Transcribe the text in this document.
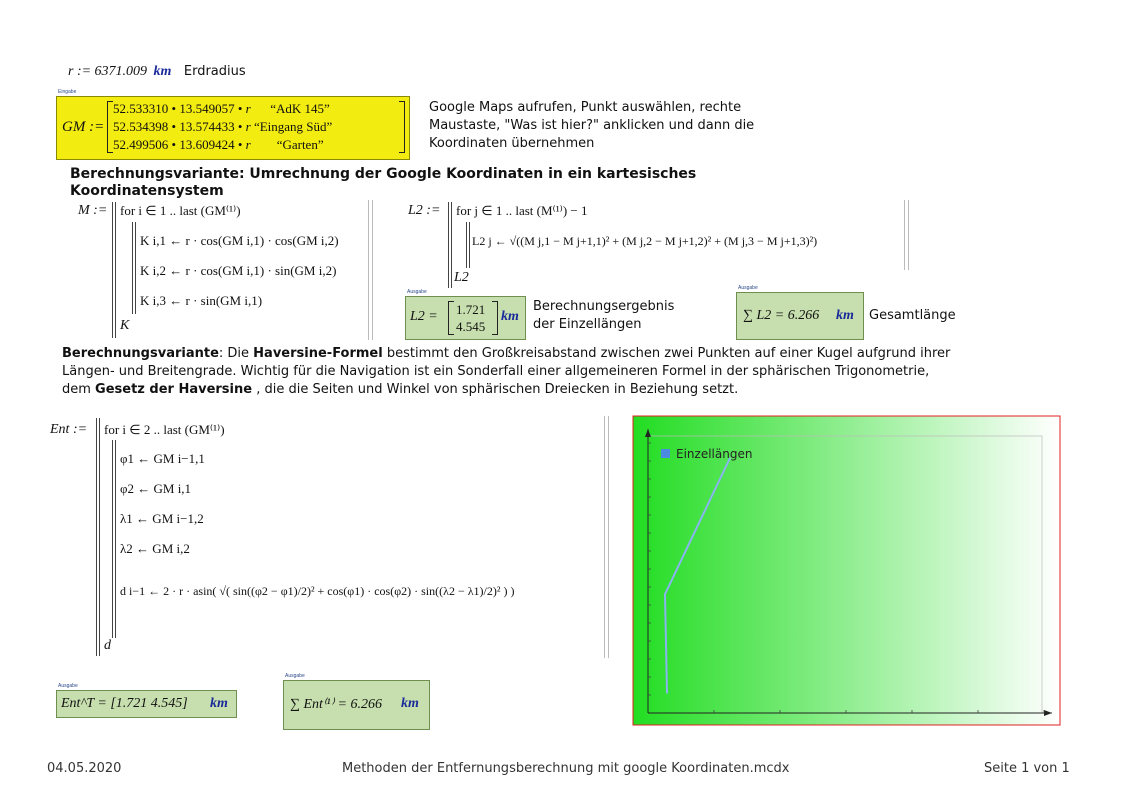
r := 6371.009 km Erdradius
Eingabe
GM :=
52.533310 • 13.549057 • r “AdK 145”
52.534398 • 13.574433 • r “Eingang Süd”
52.499506 • 13.609424 • r “Garten”
Google Maps aufrufen, Punkt auswählen, rechte
Maustaste, "Was ist hier?" anklicken und dann die
Koordinaten übernehmen
Berechnungsvariante: Umrechnung der Google Koordinaten in ein kartesisches
Koordinatensystem
M := for i ∈ 1 .. last (GM⁽¹⁾)
K i,1 ← r · cos(GM i,1) · cos(GM i,2)
K i,2 ← r · cos(GM i,1) · sin(GM i,2)
K i,3 ← r · sin(GM i,1)
K
L2 := for j ∈ 1 .. last (M⁽¹⁾) − 1
L2 j ← √((M j,1 − M j+1,1)² + (M j,2 − M j+1,2)² + (M j,3 − M j+1,3)²)
L2
Ausgabe
L2 = 1.721
4.545
km
Berechnungsergebnis
der Einzellängen
Ausgabe
∑ L2 = 6.266 km Gesamtlänge
Berechnungsvariante: Die Haversine-Formel bestimmt den Großkreisabstand zwischen zwei Punkten auf einer Kugel aufgrund ihrer
Längen- und Breitengrade. Wichtig für die Navigation ist ein Sonderfall einer allgemeineren Formel in der sphärischen Trigonometrie,
dem Gesetz der Haversine , die die Seiten und Winkel von sphärischen Dreiecken in Beziehung setzt.
Ent := for i ∈ 2 .. last (GM⁽¹⁾)
φ1 ← GM i−1,1
φ2 ← GM i,1
λ1 ← GM i−1,2
λ2 ← GM i,2
d i−1 ← 2 · r · asin( √( sin((φ2 − φ1)/2)² + cos(φ1) · cos(φ2) · sin((λ2 − λ1)/2)² ) )
d
Ausgabe
Ent^T = [1.721 4.545] km
Ausgabe
∑ Ent⁽¹⁾ = 6.266 km
Einzellängen
04.05.2020	Methoden der Entfernungsberechnung mit google Koordinaten.mcdx	Seite 1 von 1
